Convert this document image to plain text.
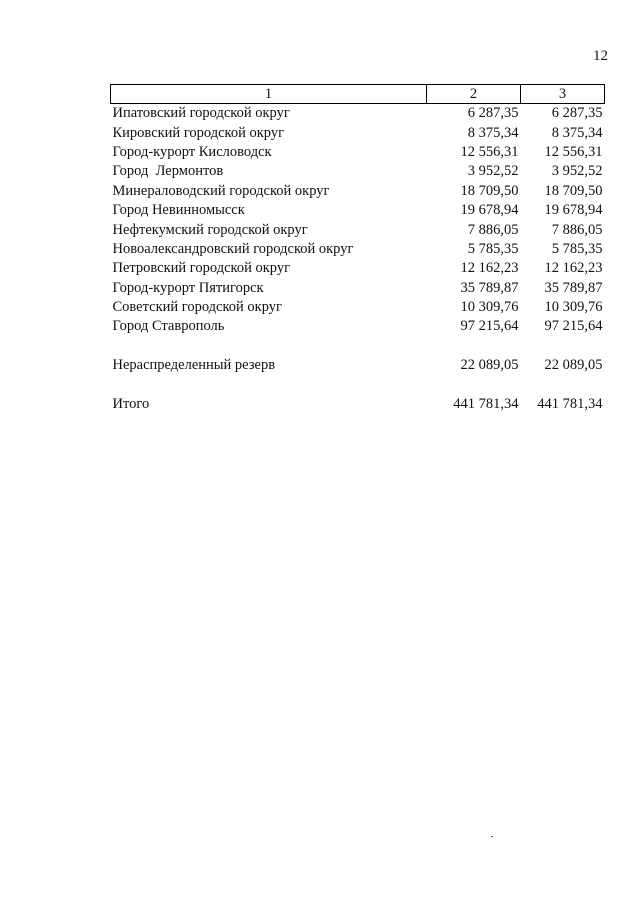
12
1	2	3
Ипатовский городской округ	6 287,35	6 287,35
Кировский городской округ	8 375,34	8 375,34
Город-курорт Кисловодск	12 556,31	12 556,31
Город  Лермонтов	3 952,52	3 952,52
Минераловодский городской округ	18 709,50	18 709,50
Город Невинномысск	19 678,94	19 678,94
Нефтекумский городской округ	7 886,05	7 886,05
Новоалександровский городской округ	5 785,35	5 785,35
Петровский городской округ	12 162,23	12 162,23
Город-курорт Пятигорск	35 789,87	35 789,87
Советский городской округ	10 309,76	10 309,76
Город Ставрополь	97 215,64	97 215,64

Нераспределенный резерв	22 089,05	22 089,05

Итого	441 781,34	441 781,34
